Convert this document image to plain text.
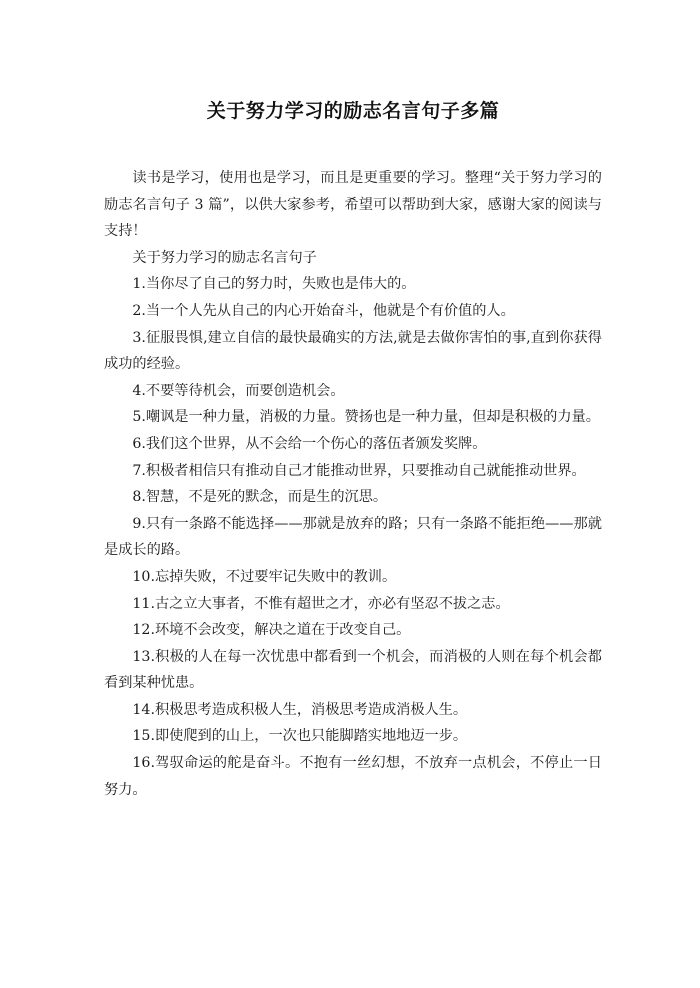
关于努力学习的励志名言句子多篇

读书是学习，使用也是学习，而且是更重要的学习。整理“关于努力学习的励志名言句子 3 篇”，以供大家参考，希望可以帮助到大家，感谢大家的阅读与支持！

关于努力学习的励志名言句子

1.当你尽了自己的努力时，失败也是伟大的。

2.当一个人先从自己的内心开始奋斗，他就是个有价值的人。

3.征服畏惧,建立自信的最快最确实的方法,就是去做你害怕的事,直到你获得成功的经验。

4.不要等待机会，而要创造机会。

5.嘲讽是一种力量，消极的力量。赞扬也是一种力量，但却是积极的力量。

6.我们这个世界，从不会给一个伤心的落伍者颁发奖牌。

7.积极者相信只有推动自己才能推动世界，只要推动自己就能推动世界。

8.智慧，不是死的默念，而是生的沉思。

9.只有一条路不能选择——那就是放弃的路；只有一条路不能拒绝——那就是成长的路。

10.忘掉失败，不过要牢记失败中的教训。

11.古之立大事者，不惟有超世之才，亦必有坚忍不拔之志。

12.环境不会改变，解决之道在于改变自己。

13.积极的人在每一次忧患中都看到一个机会，而消极的人则在每个机会都看到某种忧患。

14.积极思考造成积极人生，消极思考造成消极人生。

15.即使爬到的山上，一次也只能脚踏实地地迈一步。

16.驾驭命运的舵是奋斗。不抱有一丝幻想，不放弃一点机会，不停止一日努力。
